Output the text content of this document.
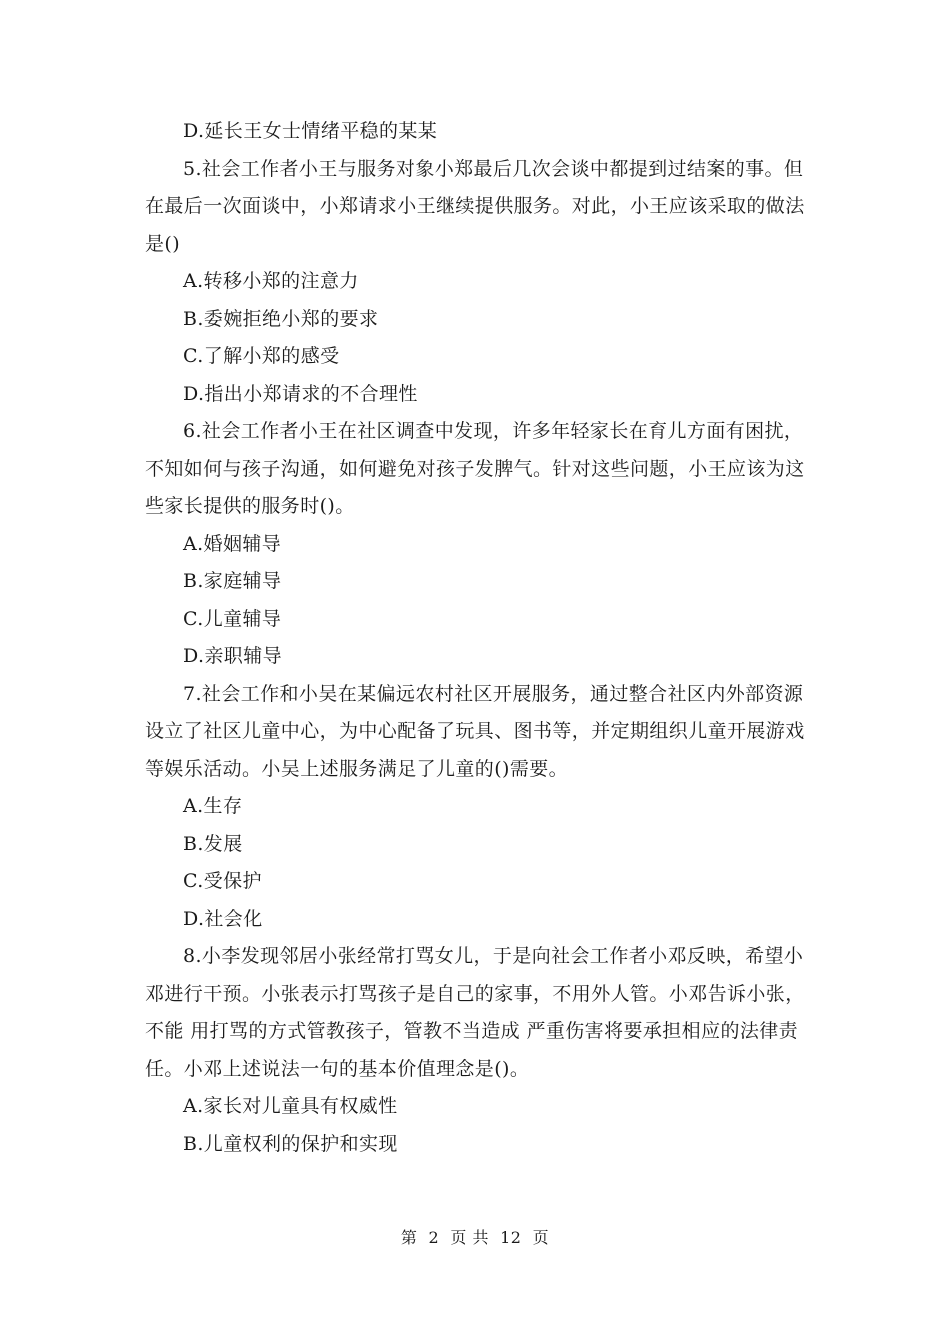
D.延长王女士情绪平稳的某某
5.社会工作者小王与服务对象小郑最后几次会谈中都提到过结案的事。但
在最后一次面谈中，小郑请求小王继续提供服务。对此，小王应该采取的做法
是()
A.转移小郑的注意力
B.委婉拒绝小郑的要求
C.了解小郑的感受
D.指出小郑请求的不合理性
6.社会工作者小王在社区调查中发现，许多年轻家长在育儿方面有困扰，
不知如何与孩子沟通，如何避免对孩子发脾气。针对这些问题，小王应该为这
些家长提供的服务时()。
A.婚姻辅导
B.家庭辅导
C.儿童辅导
D.亲职辅导
7.社会工作和小吴在某偏远农村社区开展服务，通过整合社区内外部资源
设立了社区儿童中心，为中心配备了玩具、图书等，并定期组织儿童开展游戏
等娱乐活动。小吴上述服务满足了儿童的()需要。
A.生存
B.发展
C.受保护
D.社会化
8.小李发现邻居小张经常打骂女儿，于是向社会工作者小邓反映，希望小
邓进行干预。小张表示打骂孩子是自己的家事，不用外人管。小邓告诉小张，
不能 用打骂的方式管教孩子，管教不当造成 严重伤害将要承担相应的法律责
任。小邓上述说法一句的基本价值理念是()。
A.家长对儿童具有权威性
B.儿童权利的保护和实现
第  2  页 共  12  页
